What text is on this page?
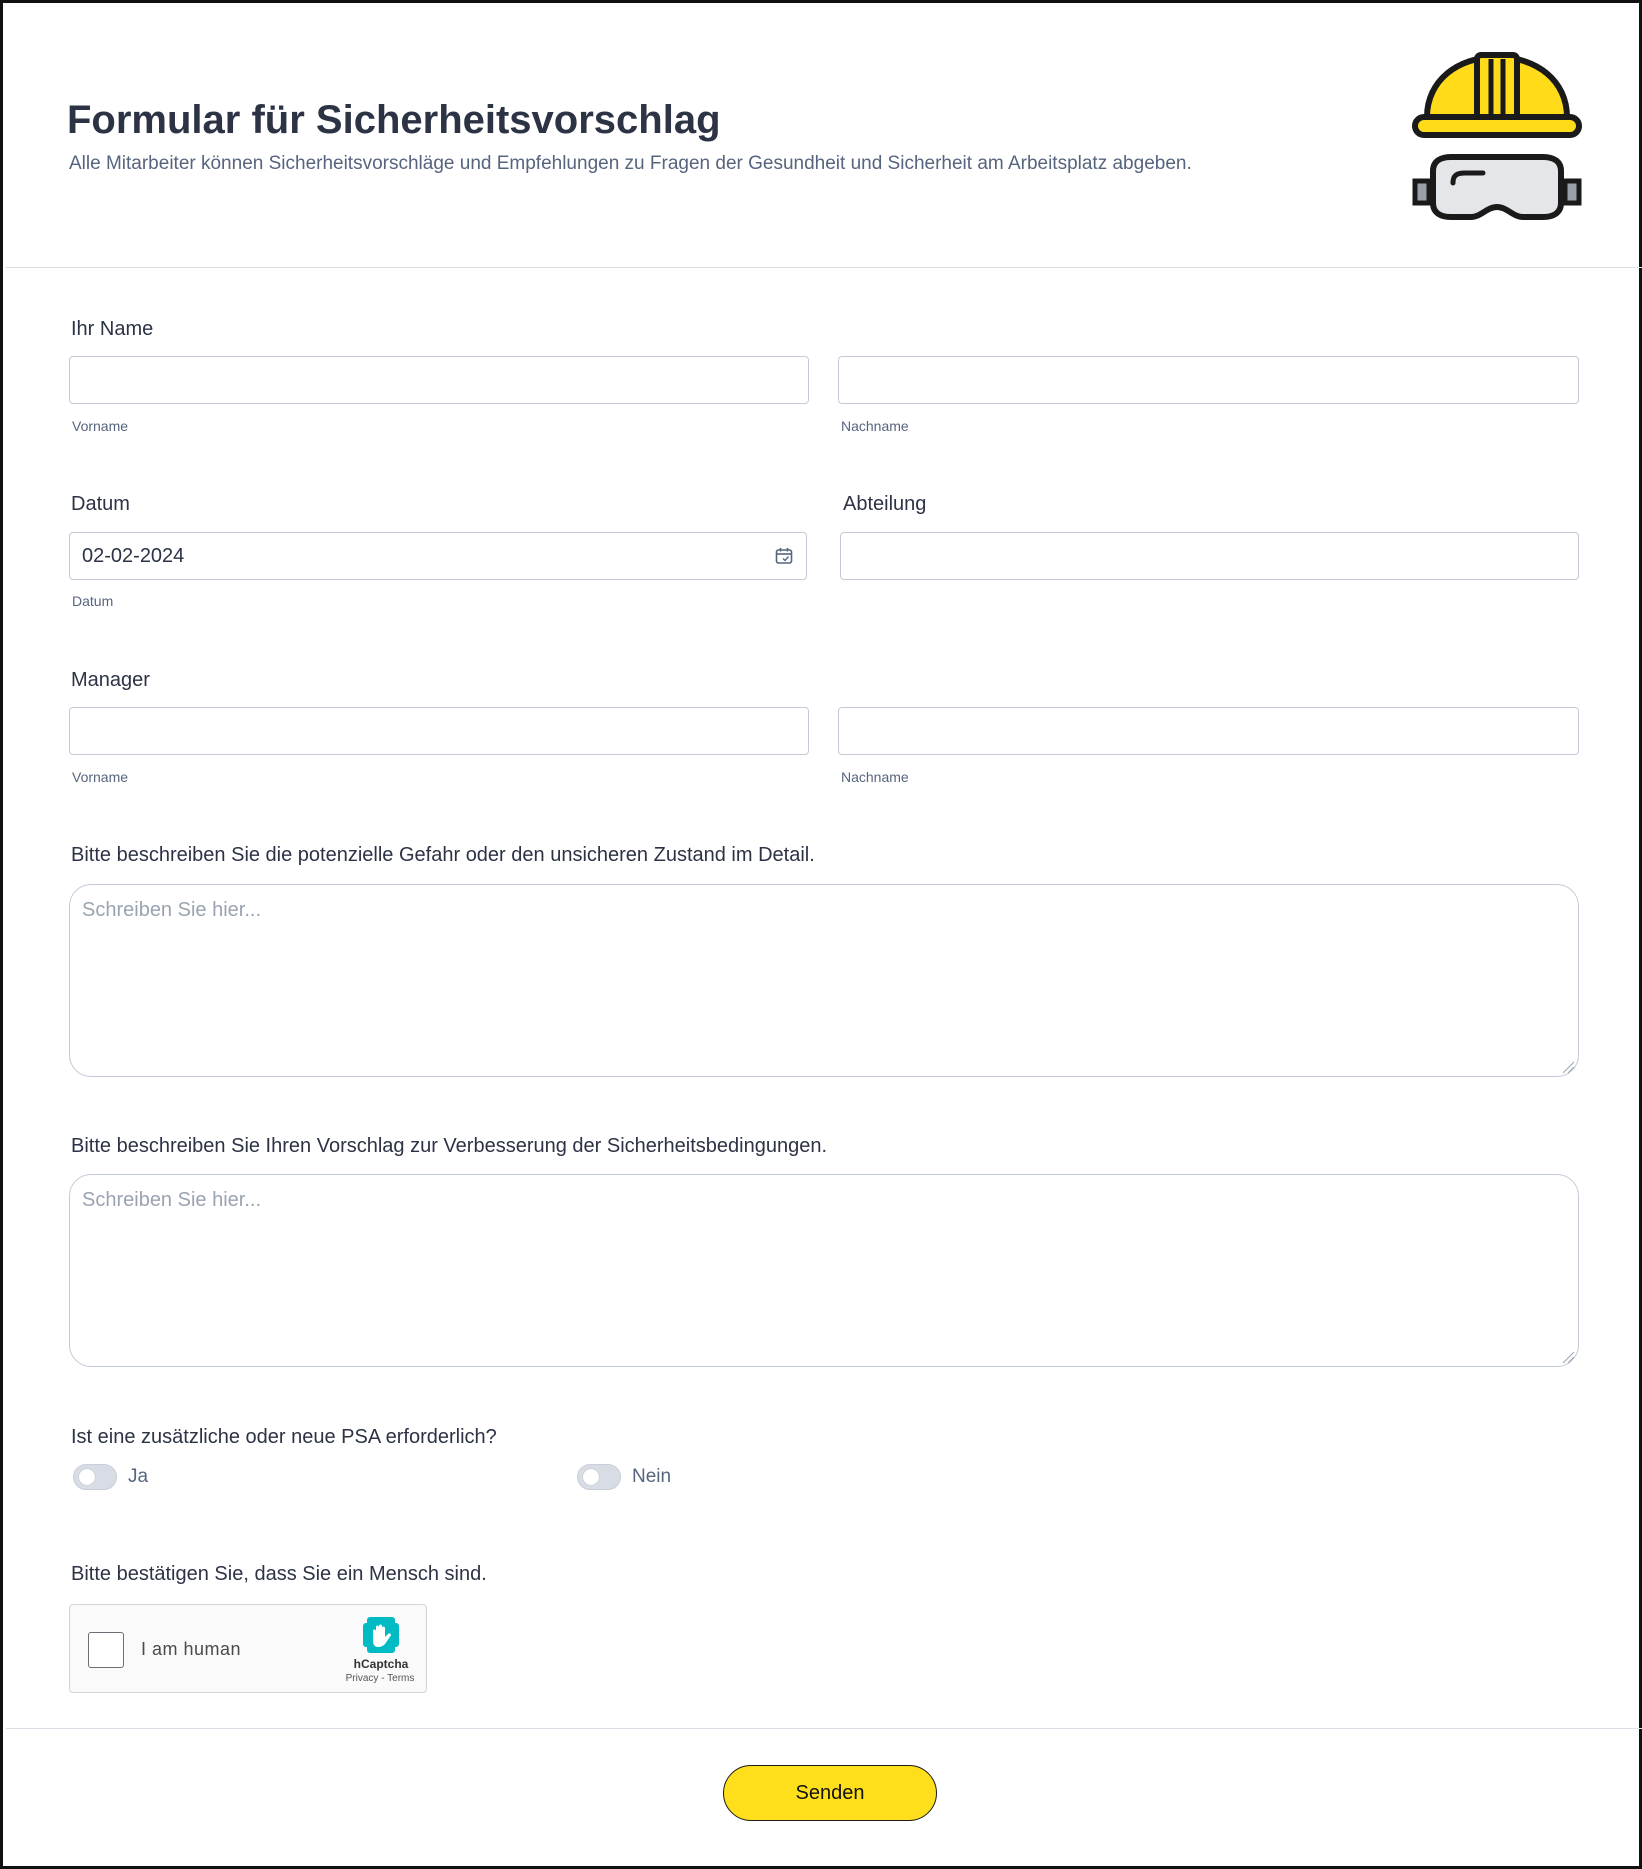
Formular für Sicherheitsvorschlag
Alle Mitarbeiter können Sicherheitsvorschläge und Empfehlungen zu Fragen der Gesundheit und Sicherheit am Arbeitsplatz abgeben.
Ihr Name
Vorname	Nachname
Datum
02-02-2024
Datum
Abteilung
Manager
Vorname	Nachname
Bitte beschreiben Sie die potenzielle Gefahr oder den unsicheren Zustand im Detail.
Schreiben Sie hier...
Bitte beschreiben Sie Ihren Vorschlag zur Verbesserung der Sicherheitsbedingungen.
Schreiben Sie hier...
Ist eine zusätzliche oder neue PSA erforderlich?
Ja	Nein
Bitte bestätigen Sie, dass Sie ein Mensch sind.
I am human
hCaptcha
Privacy - Terms
Senden
